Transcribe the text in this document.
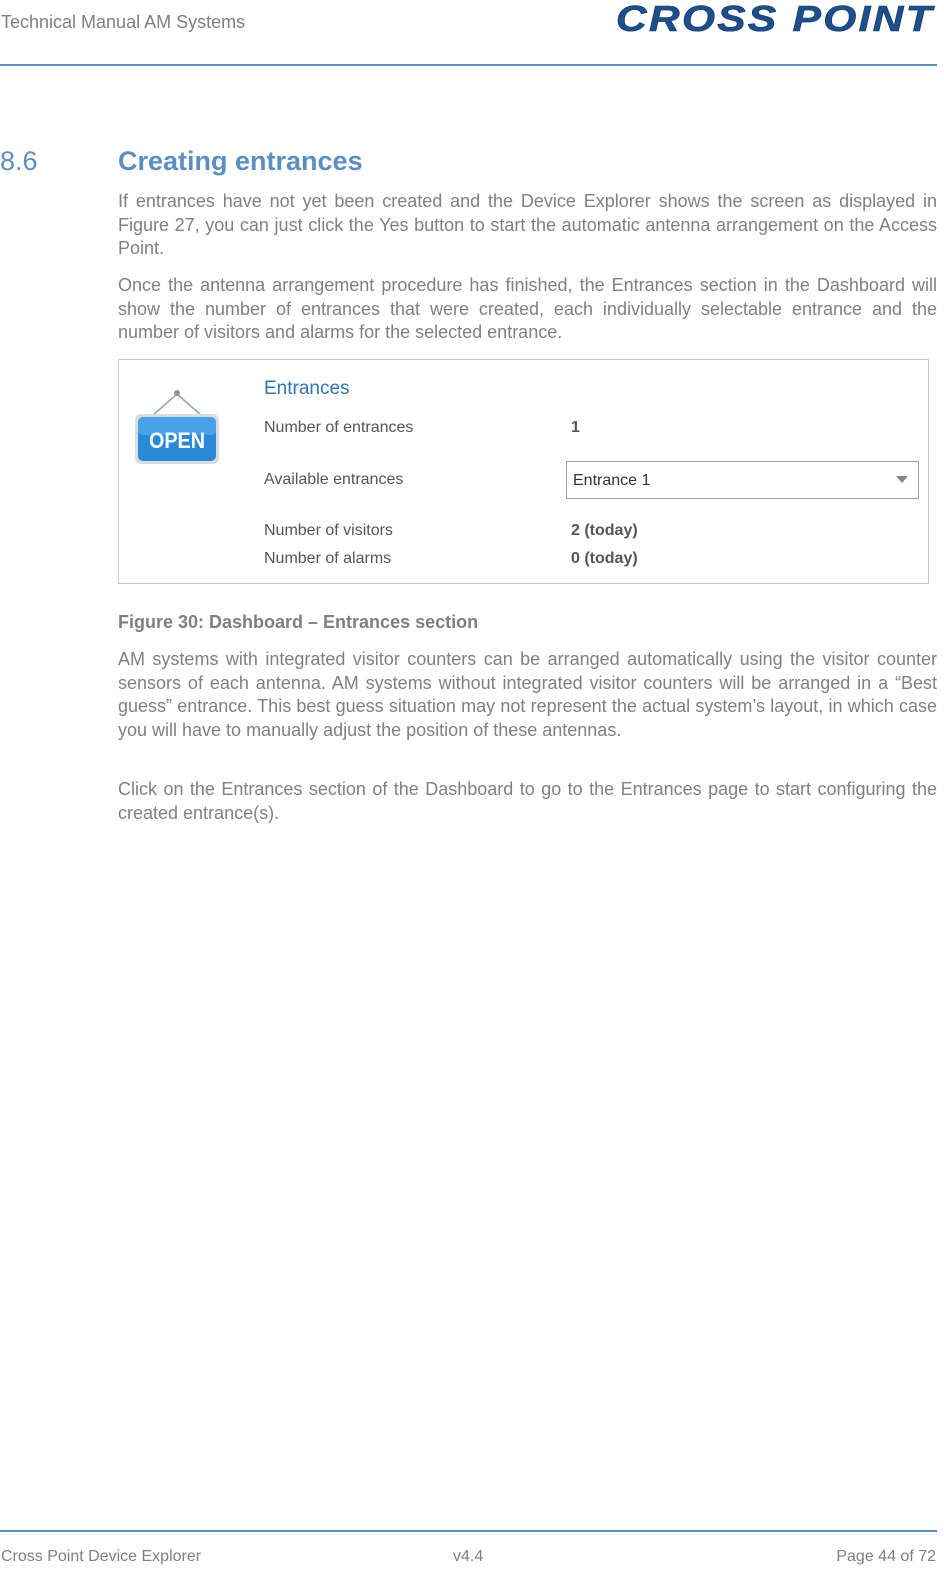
Technical Manual AM Systems	CROSS POINT
8.6	Creating entrances

If entrances have not yet been created and the Device Explorer shows the screen as displayed in Figure 27, you can just click the Yes button to start the automatic antenna arrangement on the Access Point.

Once the antenna arrangement procedure has finished, the Entrances section in the Dashboard will show the number of entrances that were created, each individually selectable entrance and the number of visitors and alarms for the selected entrance.

OPEN
Entrances
Number of entrances	1
Available entrances	Entrance 1
Number of visitors	2 (today)
Number of alarms	0 (today)
Figure 30: Dashboard – Entrances section

AM systems with integrated visitor counters can be arranged automatically using the visitor counter sensors of each antenna. AM systems without integrated visitor counters will be arranged in a “Best guess” entrance. This best guess situation may not represent the actual system’s layout, in which case you will have to manually adjust the position of these antennas.

Click on the Entrances section of the Dashboard to go to the Entrances page to start configuring the created entrance(s).

Cross Point Device Explorer	v4.4	Page 44 of 72
